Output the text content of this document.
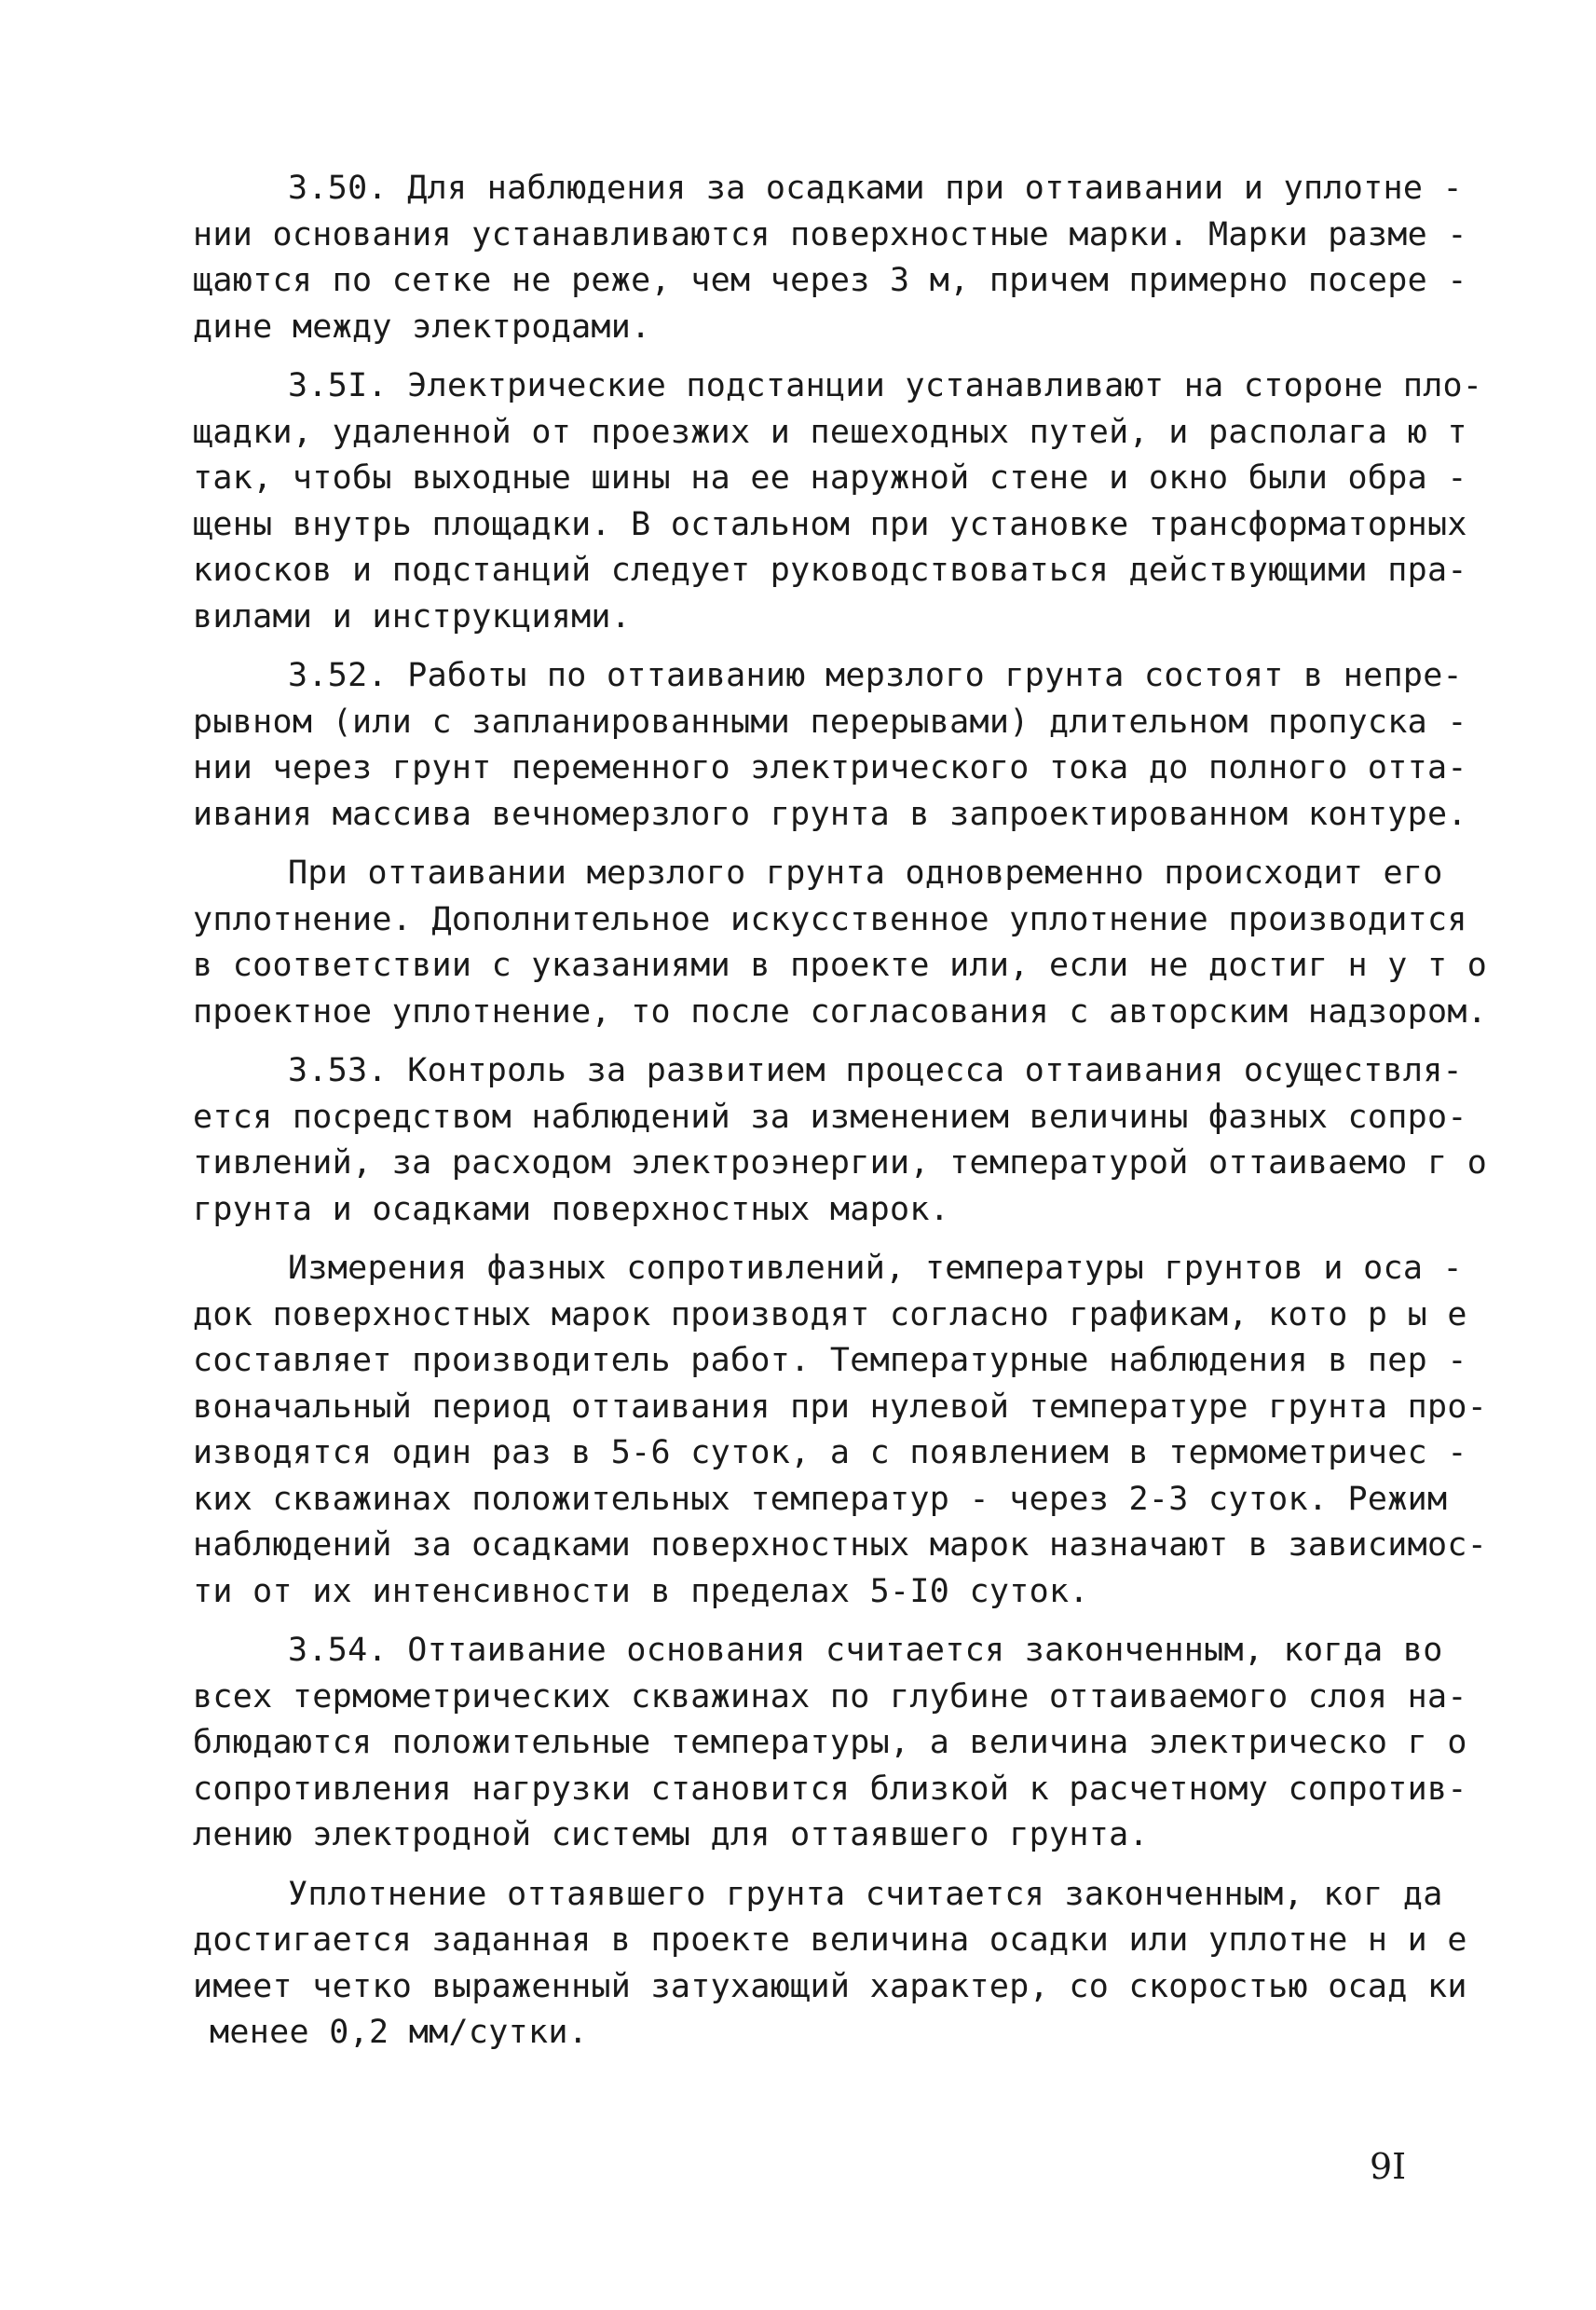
3.50. Для наблюдения за осадками при оттаивании и уплотне -
нии основания устанавливаются поверхностные марки. Марки разме -
щаются по сетке не реже, чем через 3 м, причем примерно посере -
дине между электродами.
3.5I. Электрические подстанции устанавливают на стороне пло-
щадки, удаленной от проезжих и пешеходных путей, и располага ю т
так, чтобы выходные шины на ее наружной стене и окно были обра -
щены внутрь площадки. В остальном при установке трансформаторных
киосков и подстанций следует руководствоваться действующими пра-
вилами и инструкциями.
3.52. Работы по оттаиванию мерзлого грунта состоят в непре-
рывном (или с запланированными перерывами) длительном пропуска -
нии через грунт переменного электрического тока до полного отта-
ивания массива вечномерзлого грунта в запроектированном контуре.
При оттаивании мерзлого грунта одновременно происходит его
уплотнение. Дополнительное искусственное уплотнение производится
в соответствии с указаниями в проекте или, если не достиг н у т о
проектное уплотнение, то после согласования с авторским надзором.
3.53. Контроль за развитием процесса оттаивания осуществля-
ется посредством наблюдений за изменением величины фазных сопро-
тивлений, за расходом электроэнергии, температурой оттаиваемо г о
грунта и осадками поверхностных марок.
Измерения фазных сопротивлений, температуры грунтов и оса -
док поверхностных марок производят согласно графикам, кото р ы е
составляет производитель работ. Температурные наблюдения в пер -
воначальный период оттаивания при нулевой температуре грунта про-
изводятся один раз в 5-6 суток, а с появлением в термометричес -
ких скважинах положительных температур - через 2-3 суток. Режим
наблюдений за осадками поверхностных марок назначают в зависимос-
ти от их интенсивности в пределах 5-I0 суток.
3.54. Оттаивание основания считается законченным, когда во
всех термометрических скважинах по глубине оттаиваемого слоя на-
блюдаются положительные температуры, а величина электрическо г о
сопротивления нагрузки становится близкой к расчетному сопротив-
лению электродной системы для оттаявшего грунта.
Уплотнение оттаявшего грунта считается законченным, ког да
достигается заданная в проекте величина осадки или уплотне н и е
имеет четко выраженный затухающий характер, со скоростью осад ки
менее 0,2 мм/сутки.
9I
